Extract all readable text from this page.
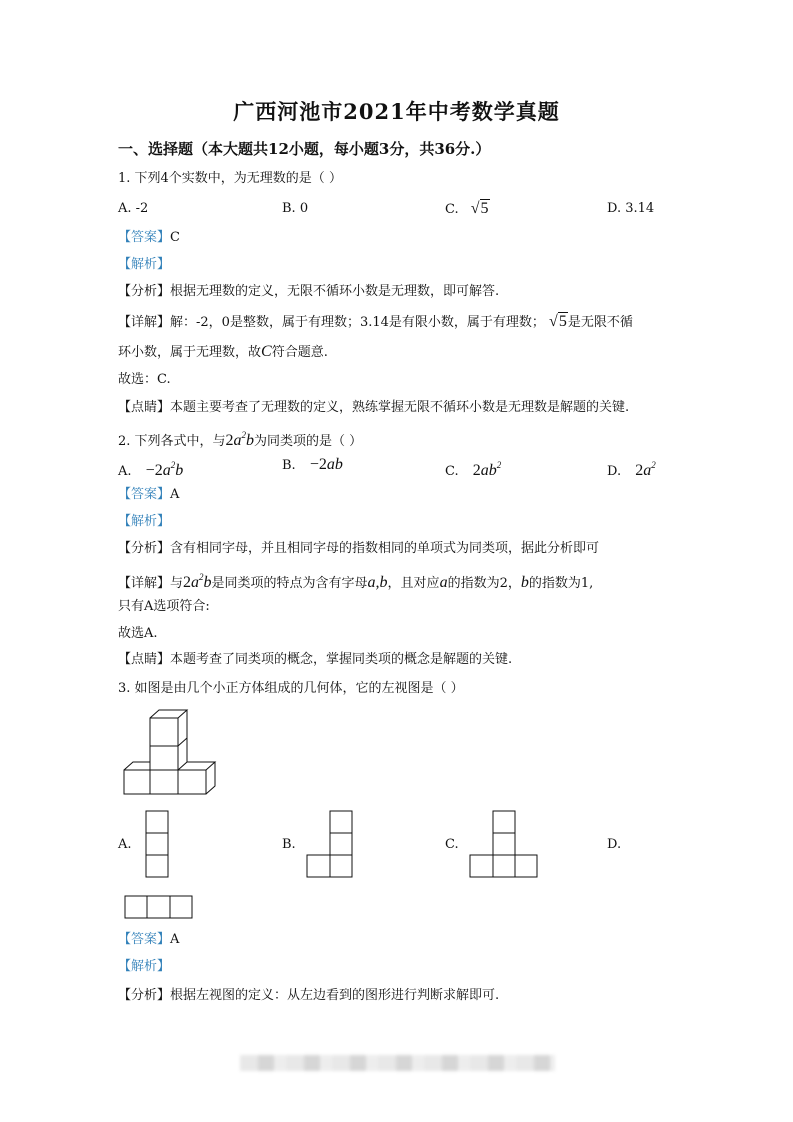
广西河池市2021年中考数学真题
一、选择题（本大题共12小题，每小题3分，共36分.）
1. 下列4个实数中，为无理数的是（ ）
A. -2	B. 0	C. √5	D. 3.14
【答案】C
【解析】
【分析】根据无理数的定义，无限不循环小数是无理数，即可解答.
【详解】解：-2，0是整数，属于有理数；3.14是有限小数，属于有理数； √5是无限不循
环小数，属于无理数，故C符合题意.
故选：C.
【点睛】本题主要考查了无理数的定义，熟练掌握无限不循环小数是无理数是解题的关键.
2. 下列各式中，与$2a^2b$为同类项的是（ ）
A. $-2a^2b$	B. −2ab	C. $2ab^2$	D. $2a^2$
【答案】A
【解析】
【分析】含有相同字母，并且相同字母的指数相同的单项式为同类项，据此分析即可
【详解】与$2a^2b$是同类项的特点为含有字母a,b，且对应a的指数为2，b的指数为1,
只有A选项符合:
故选A.
【点睛】本题考查了同类项的概念，掌握同类项的概念是解题的关键.
3. 如图是由几个小正方体组成的几何体，它的左视图是（ ）
A.	B.	C.	D.
【答案】A
【解析】
【分析】根据左视图的定义：从左边看到的图形进行判断求解即可.
